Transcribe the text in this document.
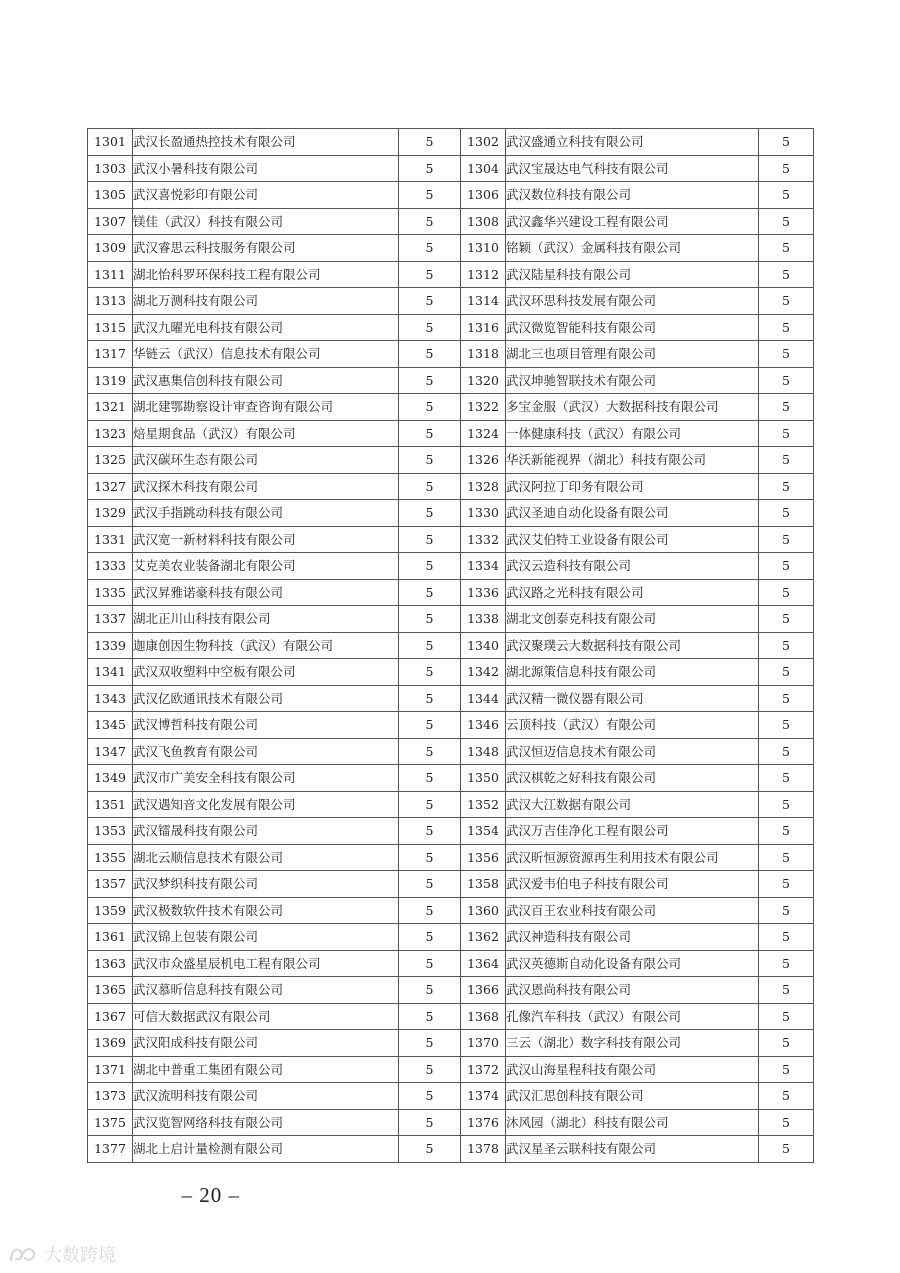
1301	武汉长盈通热控技术有限公司	5	1302	武汉盛通立科技有限公司	5
1303	武汉小暑科技有限公司	5	1304	武汉宝晟达电气科技有限公司	5
1305	武汉喜悦彩印有限公司	5	1306	武汉数位科技有限公司	5
1307	镁佳（武汉）科技有限公司	5	1308	武汉鑫华兴建设工程有限公司	5
1309	武汉睿思云科技服务有限公司	5	1310	铭颖（武汉）金属科技有限公司	5
1311	湖北怡科罗环保科技工程有限公司	5	1312	武汉陆星科技有限公司	5
1313	湖北万测科技有限公司	5	1314	武汉环思科技发展有限公司	5
1315	武汉九曜光电科技有限公司	5	1316	武汉微览智能科技有限公司	5
1317	华链云（武汉）信息技术有限公司	5	1318	湖北三也项目管理有限公司	5
1319	武汉惠集信创科技有限公司	5	1320	武汉坤驰智联技术有限公司	5
1321	湖北建鄂勘察设计审查咨询有限公司	5	1322	多宝金服（武汉）大数据科技有限公司	5
1323	焙星期食品（武汉）有限公司	5	1324	一体健康科技（武汉）有限公司	5
1325	武汉碳环生态有限公司	5	1326	华沃新能视界（湖北）科技有限公司	5
1327	武汉探木科技有限公司	5	1328	武汉阿拉丁印务有限公司	5
1329	武汉手指跳动科技有限公司	5	1330	武汉圣迪自动化设备有限公司	5
1331	武汉宽一新材料科技有限公司	5	1332	武汉艾伯特工业设备有限公司	5
1333	艾克美农业装备湖北有限公司	5	1334	武汉云造科技有限公司	5
1335	武汉昇雅诺豪科技有限公司	5	1336	武汉路之光科技有限公司	5
1337	湖北正川山科技有限公司	5	1338	湖北文创泰克科技有限公司	5
1339	迦康创因生物科技（武汉）有限公司	5	1340	武汉聚璞云大数据科技有限公司	5
1341	武汉双收塑料中空板有限公司	5	1342	湖北源策信息科技有限公司	5
1343	武汉亿欧通讯技术有限公司	5	1344	武汉精一微仪器有限公司	5
1345	武汉博哲科技有限公司	5	1346	云顶科技（武汉）有限公司	5
1347	武汉飞鱼教育有限公司	5	1348	武汉恒迈信息技术有限公司	5
1349	武汉市广美安全科技有限公司	5	1350	武汉棋乾之好科技有限公司	5
1351	武汉遇知音文化发展有限公司	5	1352	武汉大江数据有限公司	5
1353	武汉镭晟科技有限公司	5	1354	武汉万吉佳净化工程有限公司	5
1355	湖北云顺信息技术有限公司	5	1356	武汉昕恒源资源再生利用技术有限公司	5
1357	武汉梦织科技有限公司	5	1358	武汉爱韦伯电子科技有限公司	5
1359	武汉极数软件技术有限公司	5	1360	武汉百王农业科技有限公司	5
1361	武汉锦上包装有限公司	5	1362	武汉神造科技有限公司	5
1363	武汉市众盛星辰机电工程有限公司	5	1364	武汉英德斯自动化设备有限公司	5
1365	武汉慕昕信息科技有限公司	5	1366	武汉恩尚科技有限公司	5
1367	可信大数据武汉有限公司	5	1368	孔像汽车科技（武汉）有限公司	5
1369	武汉阳成科技有限公司	5	1370	三云（湖北）数字科技有限公司	5
1371	湖北中普重工集团有限公司	5	1372	武汉山海星程科技有限公司	5
1373	武汉流明科技有限公司	5	1374	武汉汇思创科技有限公司	5
1375	武汉览智网络科技有限公司	5	1376	沐风园（湖北）科技有限公司	5
1377	湖北上启计量检测有限公司	5	1378	武汉星圣云联科技有限公司	5
– 20 –
大数跨境
